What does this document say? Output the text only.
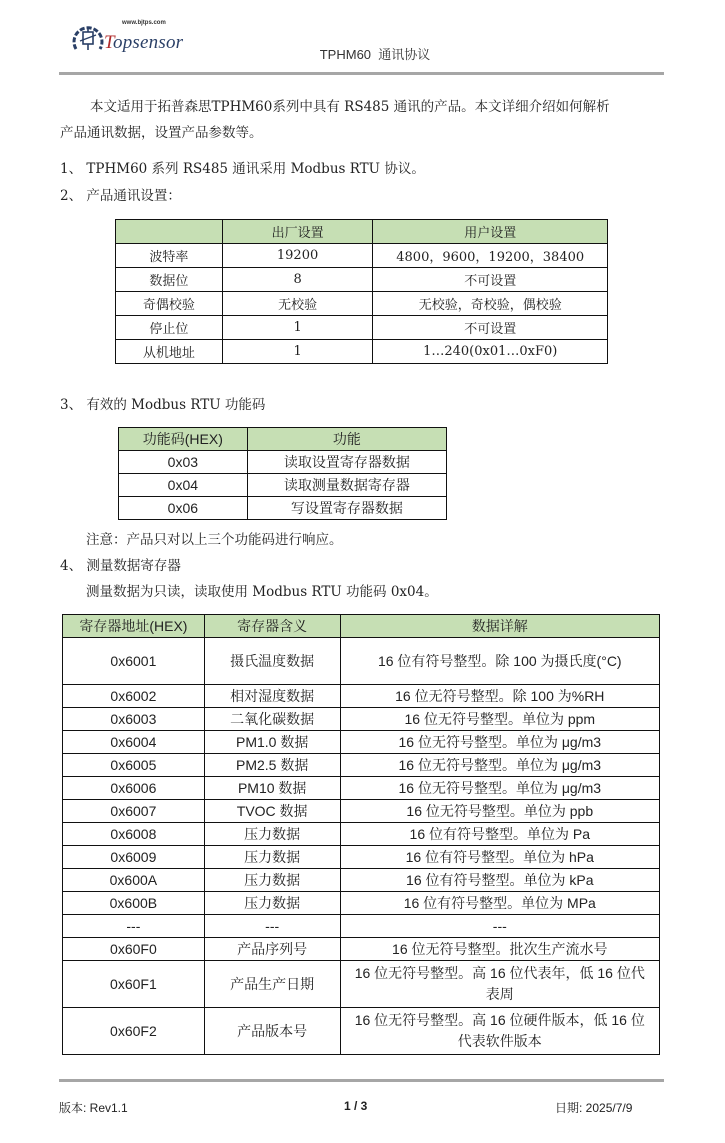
www.bjtps.com
Topsensor
TPHM60  通讯协议
本文适用于拓普森思TPHM60系列中具有 RS485 通讯的产品。本文详细介绍如何解析
产品通讯数据，设置产品参数等。
1、 TPHM60 系列 RS485 通讯采用 Modbus RTU 协议。
2、 产品通讯设置：
	出厂设置	用户设置
波特率	19200	4800，9600，19200，38400
数据位	8	不可设置
奇偶校验	无校验	无校验，奇校验，偶校验
停止位	1	不可设置
从机地址	1	1…240(0x01…0xF0)
3、 有效的 Modbus RTU 功能码
功能码(HEX)	功能
0x03	读取设置寄存器数据
0x04	读取测量数据寄存器
0x06	写设置寄存器数据
注意：产品只对以上三个功能码进行响应。
4、 测量数据寄存器
测量数据为只读，读取使用 Modbus RTU 功能码 0x04。
寄存器地址(HEX)	寄存器含义	数据详解
0x6001	摄氏温度数据	16 位有符号整型。除 100 为摄氏度(°C)
0x6002	相对湿度数据	16 位无符号整型。除 100 为%RH
0x6003	二氧化碳数据	16 位无符号整型。单位为 ppm
0x6004	PM1.0 数据	16 位无符号整型。单位为 μg/m3
0x6005	PM2.5 数据	16 位无符号整型。单位为 μg/m3
0x6006	PM10 数据	16 位无符号整型。单位为 μg/m3
0x6007	TVOC 数据	16 位无符号整型。单位为 ppb
0x6008	压力数据	16 位有符号整型。单位为 Pa
0x6009	压力数据	16 位有符号整型。单位为 hPa
0x600A	压力数据	16 位有符号整型。单位为 kPa
0x600B	压力数据	16 位有符号整型。单位为 MPa
---	---	---
0x60F0	产品序列号	16 位无符号整型。批次生产流水号
0x60F1	产品生产日期	16 位无符号整型。高 16 位代表年，低 16 位代表周
0x60F2	产品版本号	16 位无符号整型。高 16 位硬件版本，低 16 位代表软件版本
版本: Rev1.1	1 / 3	日期: 2025/7/9
